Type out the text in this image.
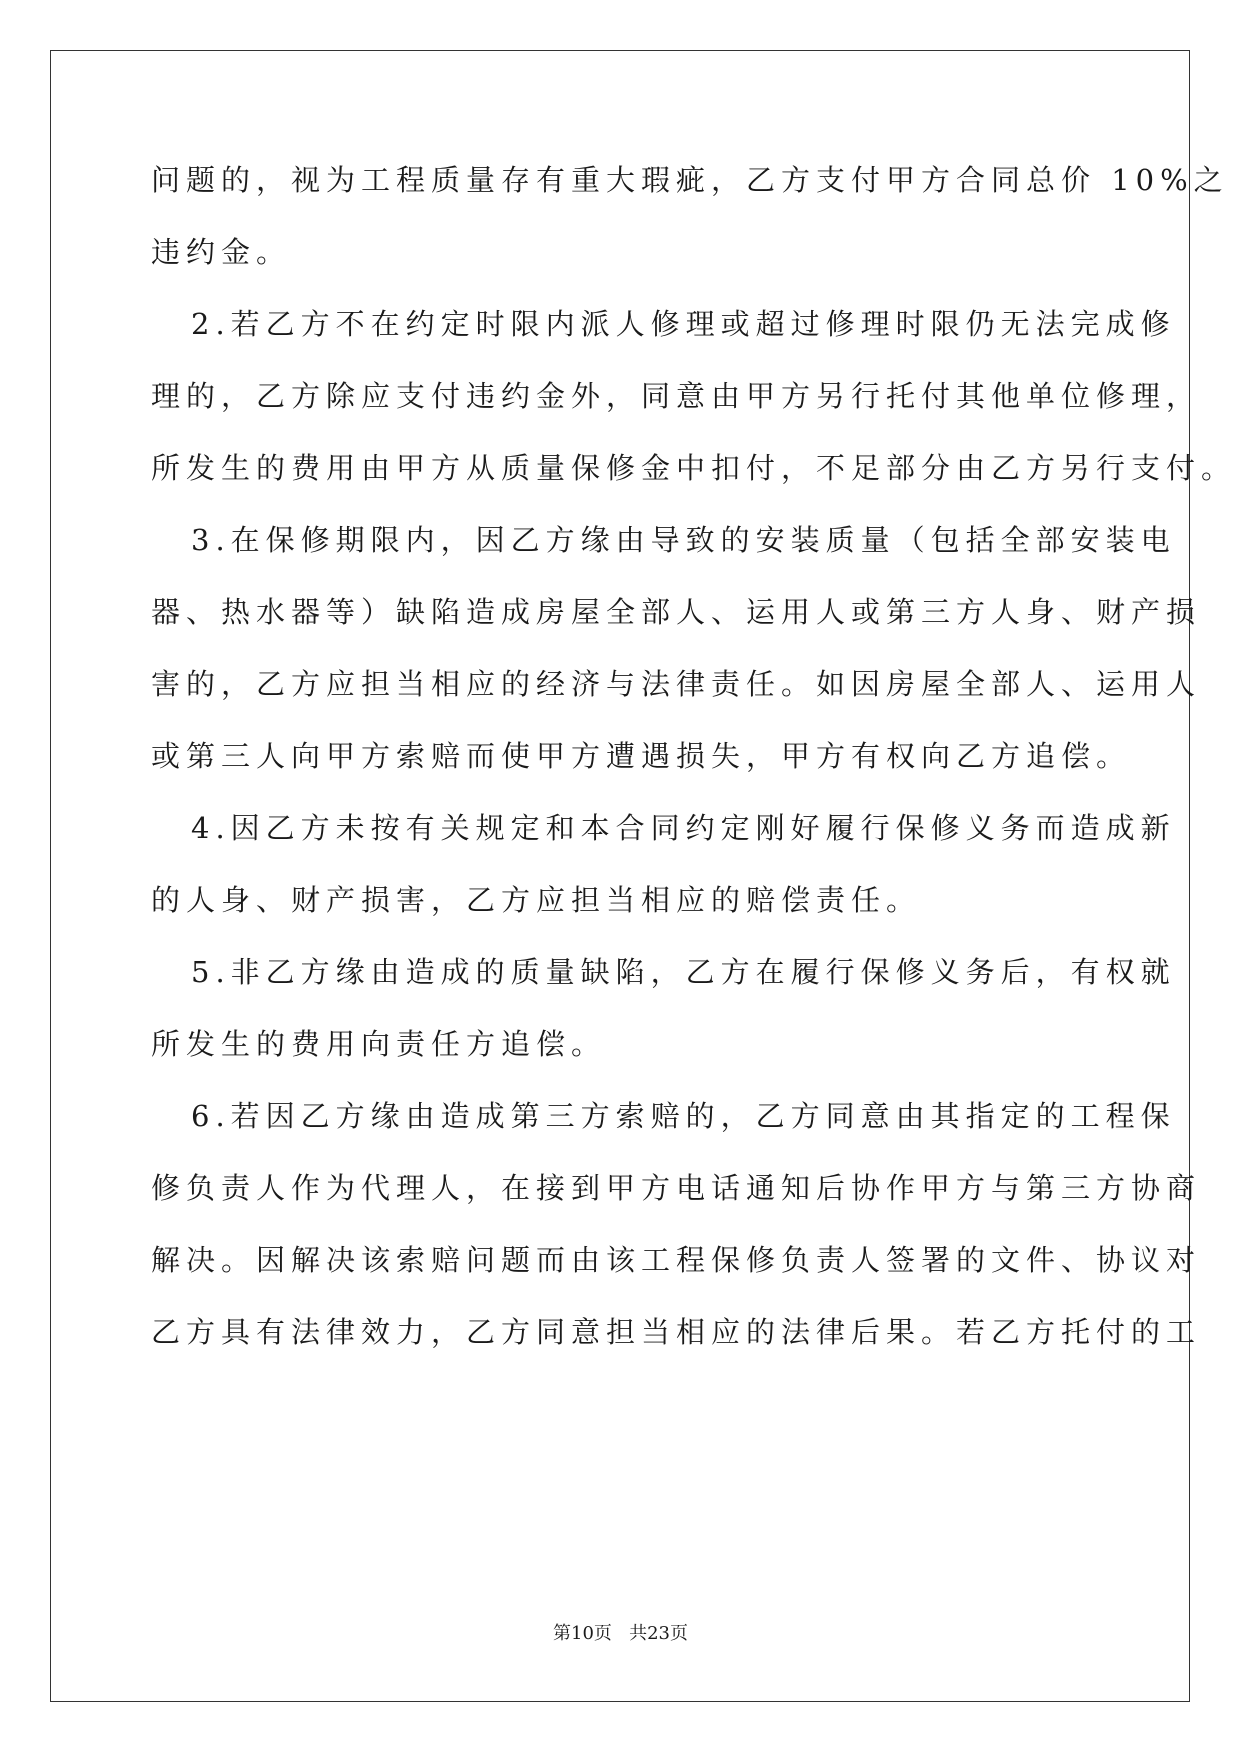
问题的，视为工程质量存有重大瑕疵，乙方支付甲方合同总价 10%之
违约金。
2.若乙方不在约定时限内派人修理或超过修理时限仍无法完成修
理的，乙方除应支付违约金外，同意由甲方另行托付其他单位修理，
所发生的费用由甲方从质量保修金中扣付，不足部分由乙方另行支付。
3.在保修期限内，因乙方缘由导致的安装质量（包括全部安装电
器、热水器等）缺陷造成房屋全部人、运用人或第三方人身、财产损
害的，乙方应担当相应的经济与法律责任。如因房屋全部人、运用人
或第三人向甲方索赔而使甲方遭遇损失，甲方有权向乙方追偿。
4.因乙方未按有关规定和本合同约定刚好履行保修义务而造成新
的人身、财产损害，乙方应担当相应的赔偿责任。
5.非乙方缘由造成的质量缺陷，乙方在履行保修义务后，有权就
所发生的费用向责任方追偿。
6.若因乙方缘由造成第三方索赔的，乙方同意由其指定的工程保
修负责人作为代理人，在接到甲方电话通知后协作甲方与第三方协商
解决。因解决该索赔问题而由该工程保修负责人签署的文件、协议对
乙方具有法律效力，乙方同意担当相应的法律后果。若乙方托付的工
第10页 共23页
